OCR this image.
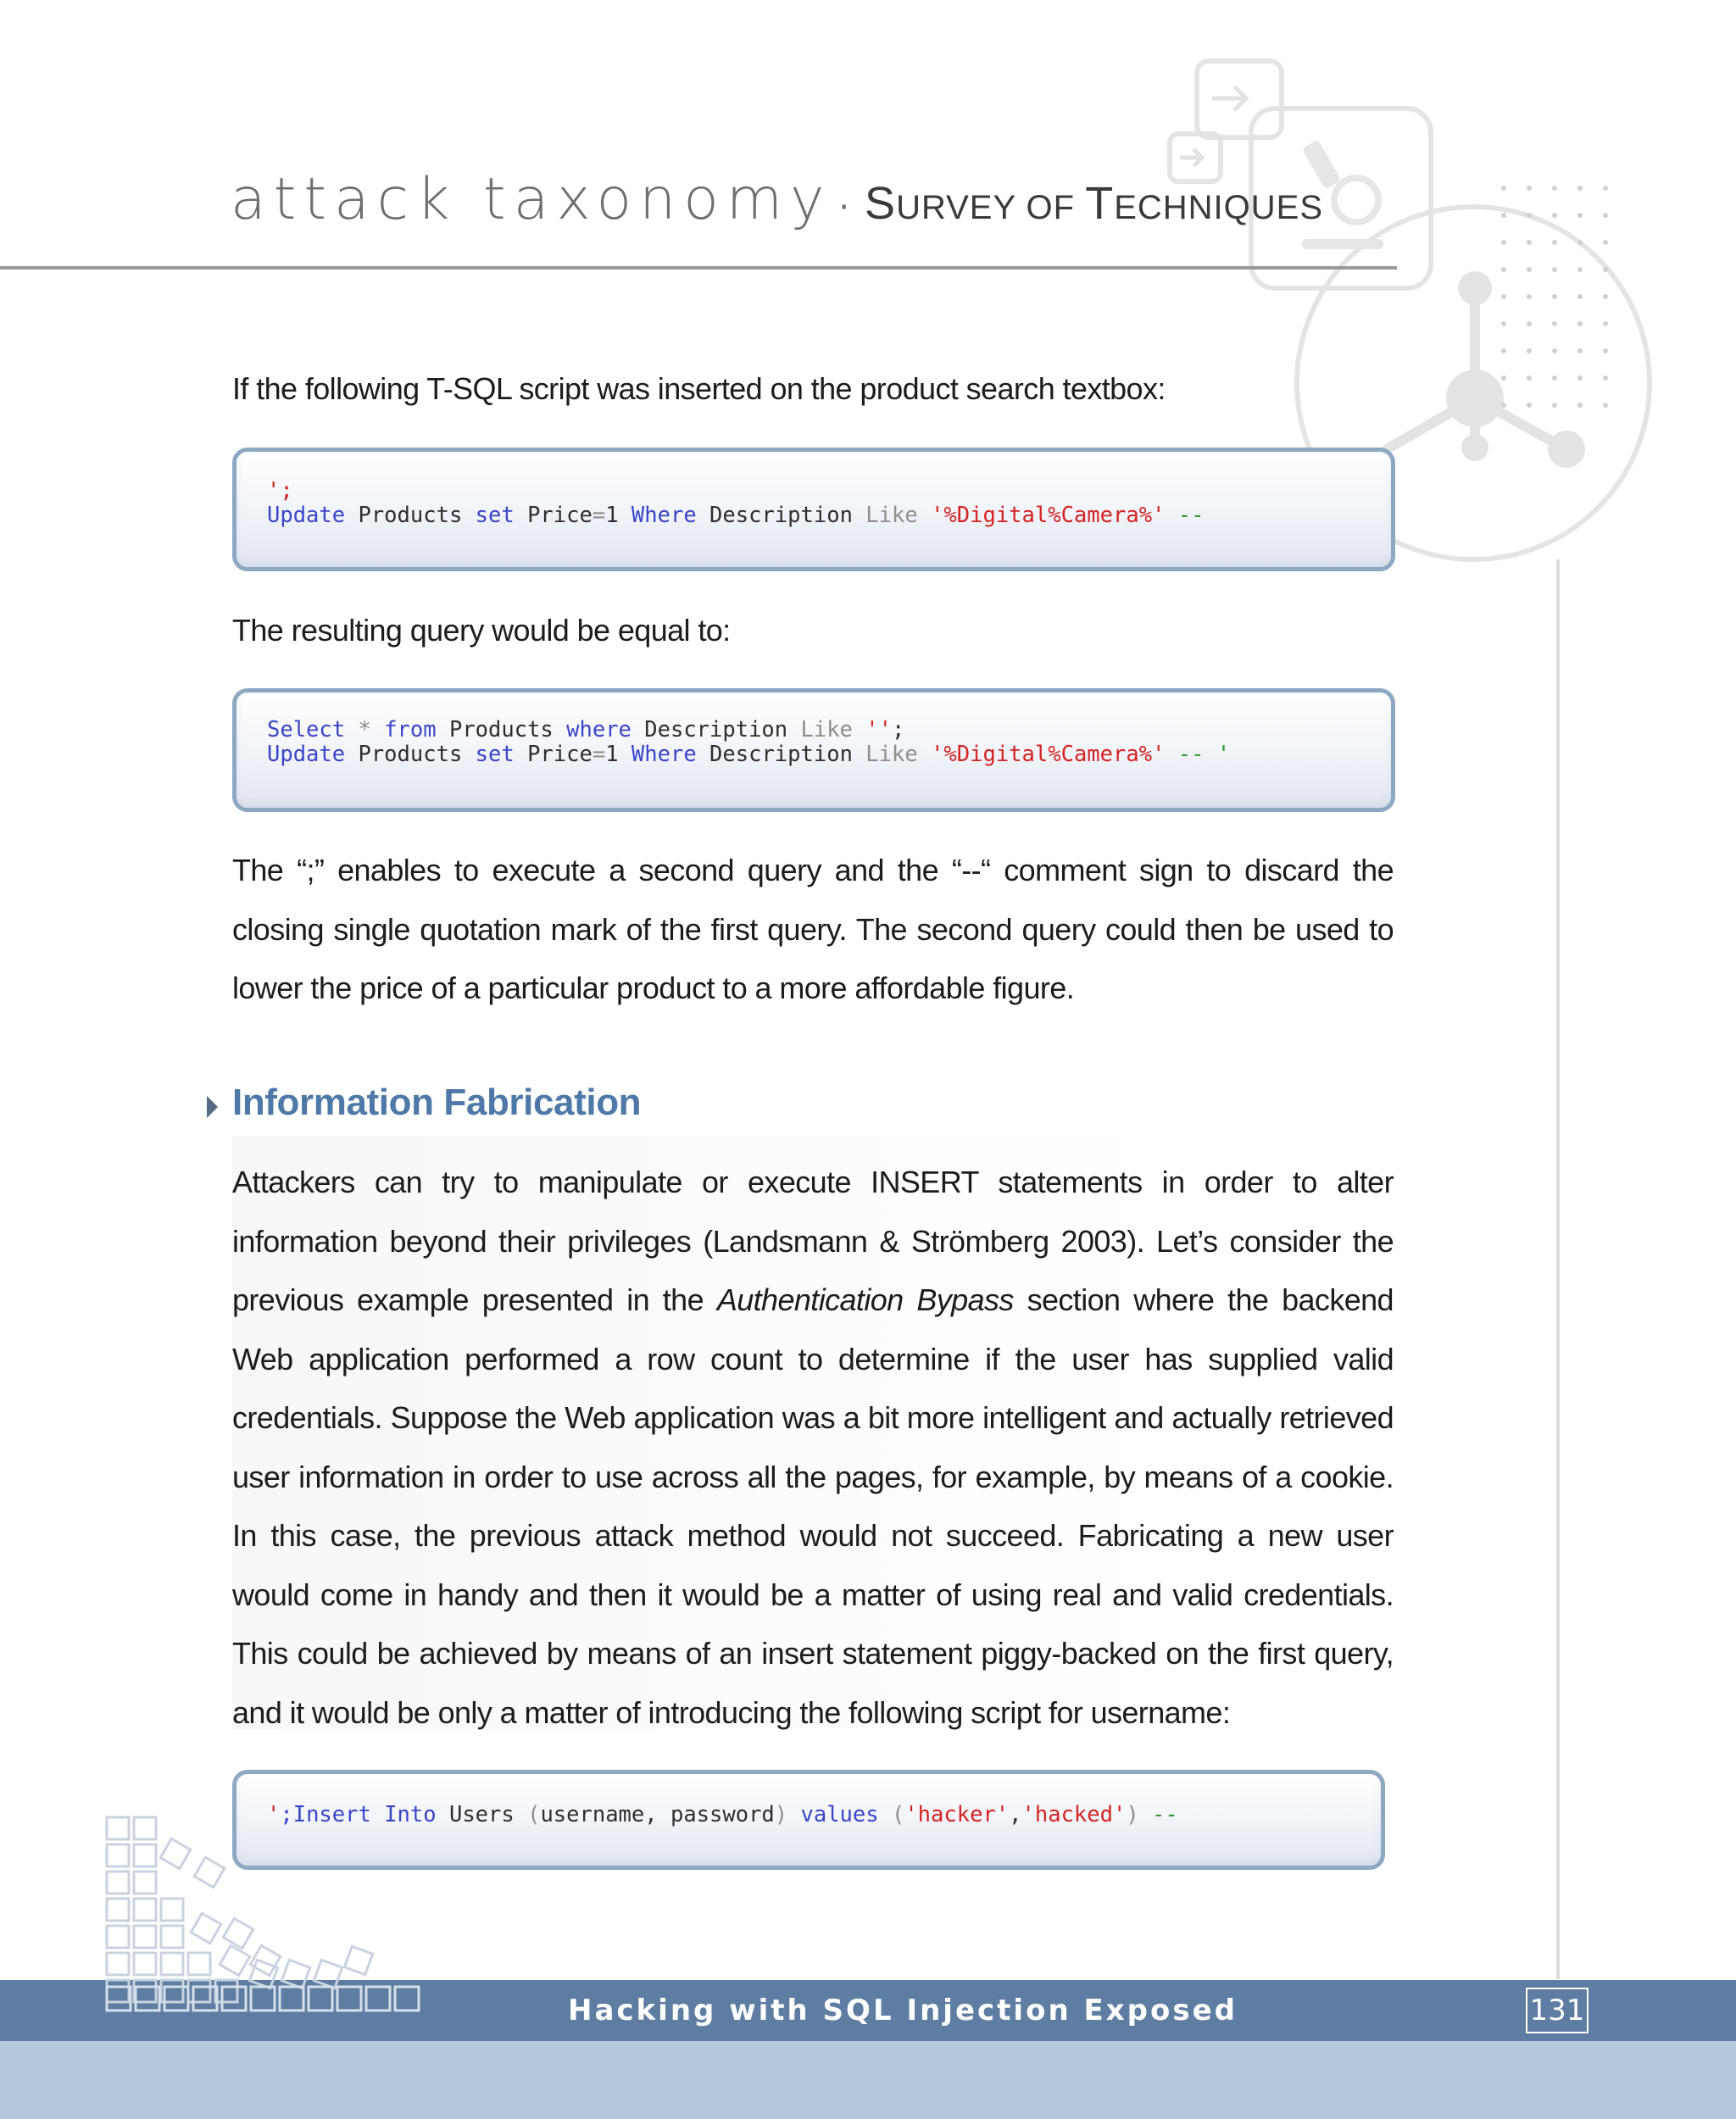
attack taxonomy · SURVEY OF TECHNIQUES
If the following T-SQL script was inserted on the product search textbox:
';
Update Products set Price=1 Where Description Like '%Digital%Camera%' --
The resulting query would be equal to:
Select * from Products where Description Like '';
Update Products set Price=1 Where Description Like '%Digital%Camera%' -- '
The “;” enables to execute a second query and the “--“ comment sign to discard the closing single quotation mark of the first query. The second query could then be used to lower the price of a particular product to a more affordable figure.
Information Fabrication
Attackers can try to manipulate or execute INSERT statements in order to alter information beyond their privileges (Landsmann & Strömberg 2003). Let’s consider the previous example presented in the Authentication Bypass section where the backend Web application performed a row count to determine if the user has supplied valid credentials. Suppose the Web application was a bit more intelligent and actually retrieved user information in order to use across all the pages, for example, by means of a cookie. In this case, the previous attack method would not succeed. Fabricating a new user would come in handy and then it would be a matter of using real and valid credentials. This could be achieved by means of an insert statement piggy-backed on the first query, and it would be only a matter of introducing the following script for username:
';Insert Into Users (username, password) values ('hacker','hacked') --
Hacking with SQL Injection Exposed	131
